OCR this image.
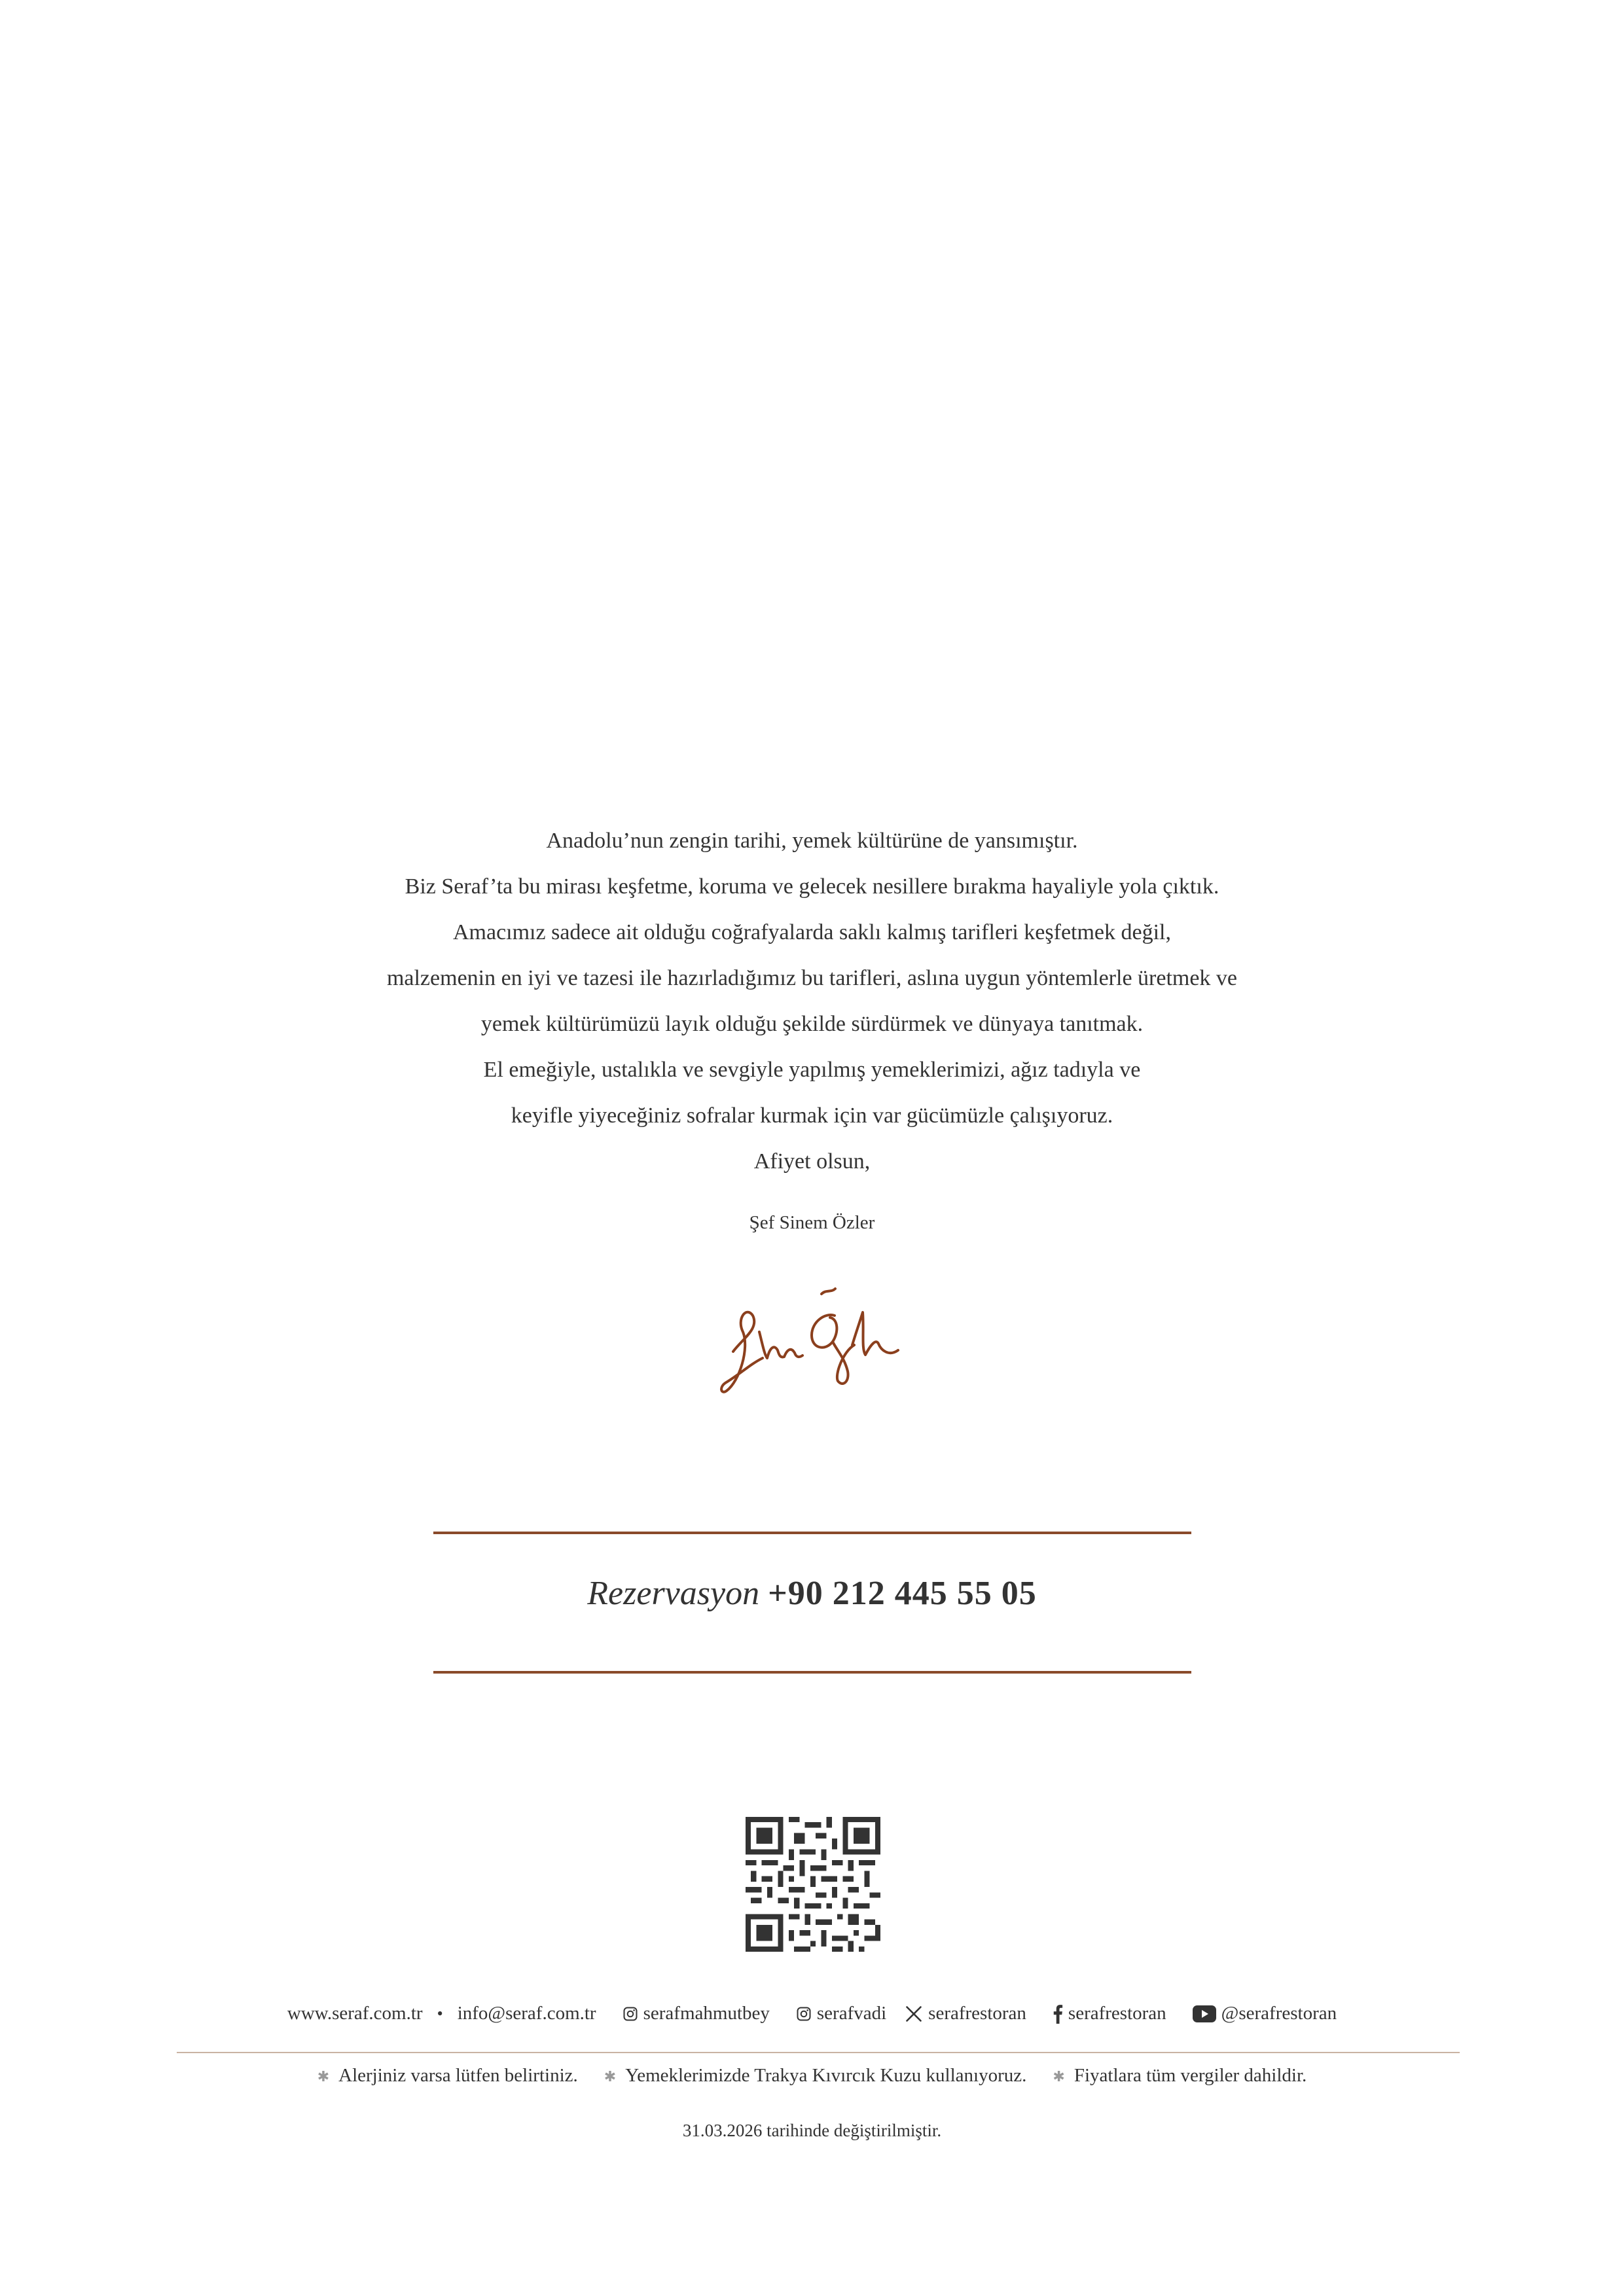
Anadolu’nun zengin tarihi, yemek kültürüne de yansımıştır.

Biz Seraf’ta bu mirası keşfetme, koruma ve gelecek nesillere bırakma hayaliyle yola çıktık.

Amacımız sadece ait olduğu coğrafyalarda saklı kalmış tarifleri keşfetmek değil,

malzemenin en iyi ve tazesi ile hazırladığımız bu tarifleri, aslına uygun yöntemlerle üretmek ve

yemek kültürümüzü layık olduğu şekilde sürdürmek ve dünyaya tanıtmak.

El emeğiyle, ustalıkla ve sevgiyle yapılmış yemeklerimizi, ağız tadıyla ve

keyifle yiyeceğiniz sofralar kurmak için var gücümüzle çalışıyoruz.

Afiyet olsun,

Şef Sinem Özler
Rezervasyon +90 212 445 55 05
www.seraf.com.tr • info@seraf.com.tr serafmahmutbey serafvadi serafrestoran serafrestoran	@serafrestoran
✱ Alerjiniz varsa lütfen belirtiniz. ✱ Yemeklerimizde Trakya Kıvırcık Kuzu kullanıyoruz. ✱ Fiyatlara tüm vergiler dahildir.
31.03.2026 tarihinde değiştirilmiştir.
